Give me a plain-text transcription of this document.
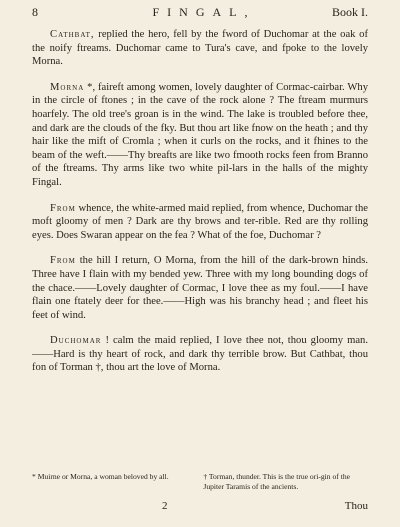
8	FINGAL,	Book I.

Cathbat, replied the hero, fell by the fword of Duchomar at the oak of the noify ftreams. Duchomar came to Tura's cave, and fpoke to the lovely Morna.

Morna *, faireft among women, lovely daughter of Cormac-cairbar. Why in the circle of ftones ; in the cave of the rock alone ? The ftream murmurs hoarfely. The old tree's groan is in the wind. The lake is troubled before thee, and dark are the clouds of the fky. But thou art like fnow on the heath ; and thy hair like the mift of Cromla ; when it curls on the rocks, and it fhines to the beam of the weft.——Thy breafts are like two fmooth rocks feen from Branno of the ftreams. Thy arms like two white pil-lars in the halls of the mighty Fingal.

From whence, the white-armed maid replied, from whence, Duchomar the moft gloomy of men ? Dark are thy brows and ter-rible. Red are thy rolling eyes. Does Swaran appear on the fea ? What of the foe, Duchomar ?

From the hill I return, O Morna, from the hill of the dark-brown hinds. Three have I flain with my bended yew. Three with my long bounding dogs of the chace.——Lovely daughter of Cormac, I love thee as my foul.——I have flain one ftately deer for thee.——High was his branchy head ; and fleet his feet of wind.

Duchomar ! calm the maid replied, I love thee not, thou gloomy man.——Hard is thy heart of rock, and dark thy terrible brow. But Cathbat, thou fon of Torman †, thou art the love of Morna.

* Muirne or Morna, a woman beloved by all.	† Torman, thunder. This is the true ori-gin of the Jupiter Taramis of the ancients.
2	Thou
